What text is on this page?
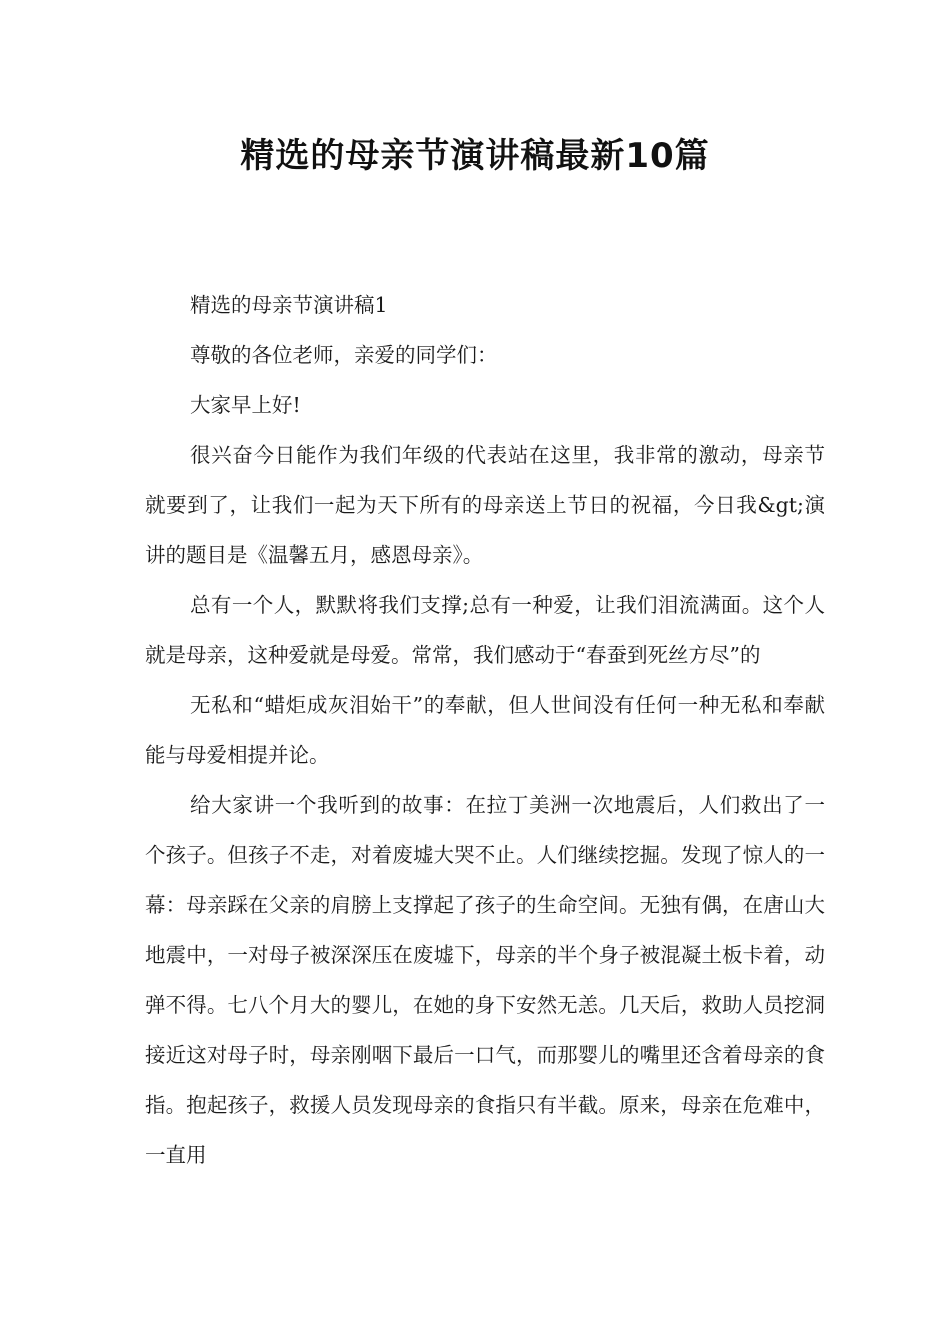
精选的母亲节演讲稿最新10篇

精选的母亲节演讲稿1

尊敬的各位老师，亲爱的同学们：

大家早上好!

很兴奋今日能作为我们年级的代表站在这里，我非常的激动，母亲节就要到了，让我们一起为天下所有的母亲送上节日的祝福，今日我&gt;演讲的题目是《温馨五月，感恩母亲》。

总有一个人，默默将我们支撑;总有一种爱，让我们泪流满面。这个人就是母亲，这种爱就是母爱。常常，我们感动于“春蚕到死丝方尽”的

无私和“蜡炬成灰泪始干”的奉献，但人世间没有任何一种无私和奉献能与母爱相提并论。

给大家讲一个我听到的故事：在拉丁美洲一次地震后，人们救出了一个孩子。但孩子不走，对着废墟大哭不止。人们继续挖掘。发现了惊人的一幕：母亲踩在父亲的肩膀上支撑起了孩子的生命空间。无独有偶，在唐山大地震中，一对母子被深深压在废墟下，母亲的半个身子被混凝土板卡着，动弹不得。七八个月大的婴儿，在她的身下安然无恙。几天后，救助人员挖洞接近这对母子时，母亲刚咽下最后一口气，而那婴儿的嘴里还含着母亲的食指。抱起孩子，救援人员发现母亲的食指只有半截。原来，母亲在危难中，一直用
